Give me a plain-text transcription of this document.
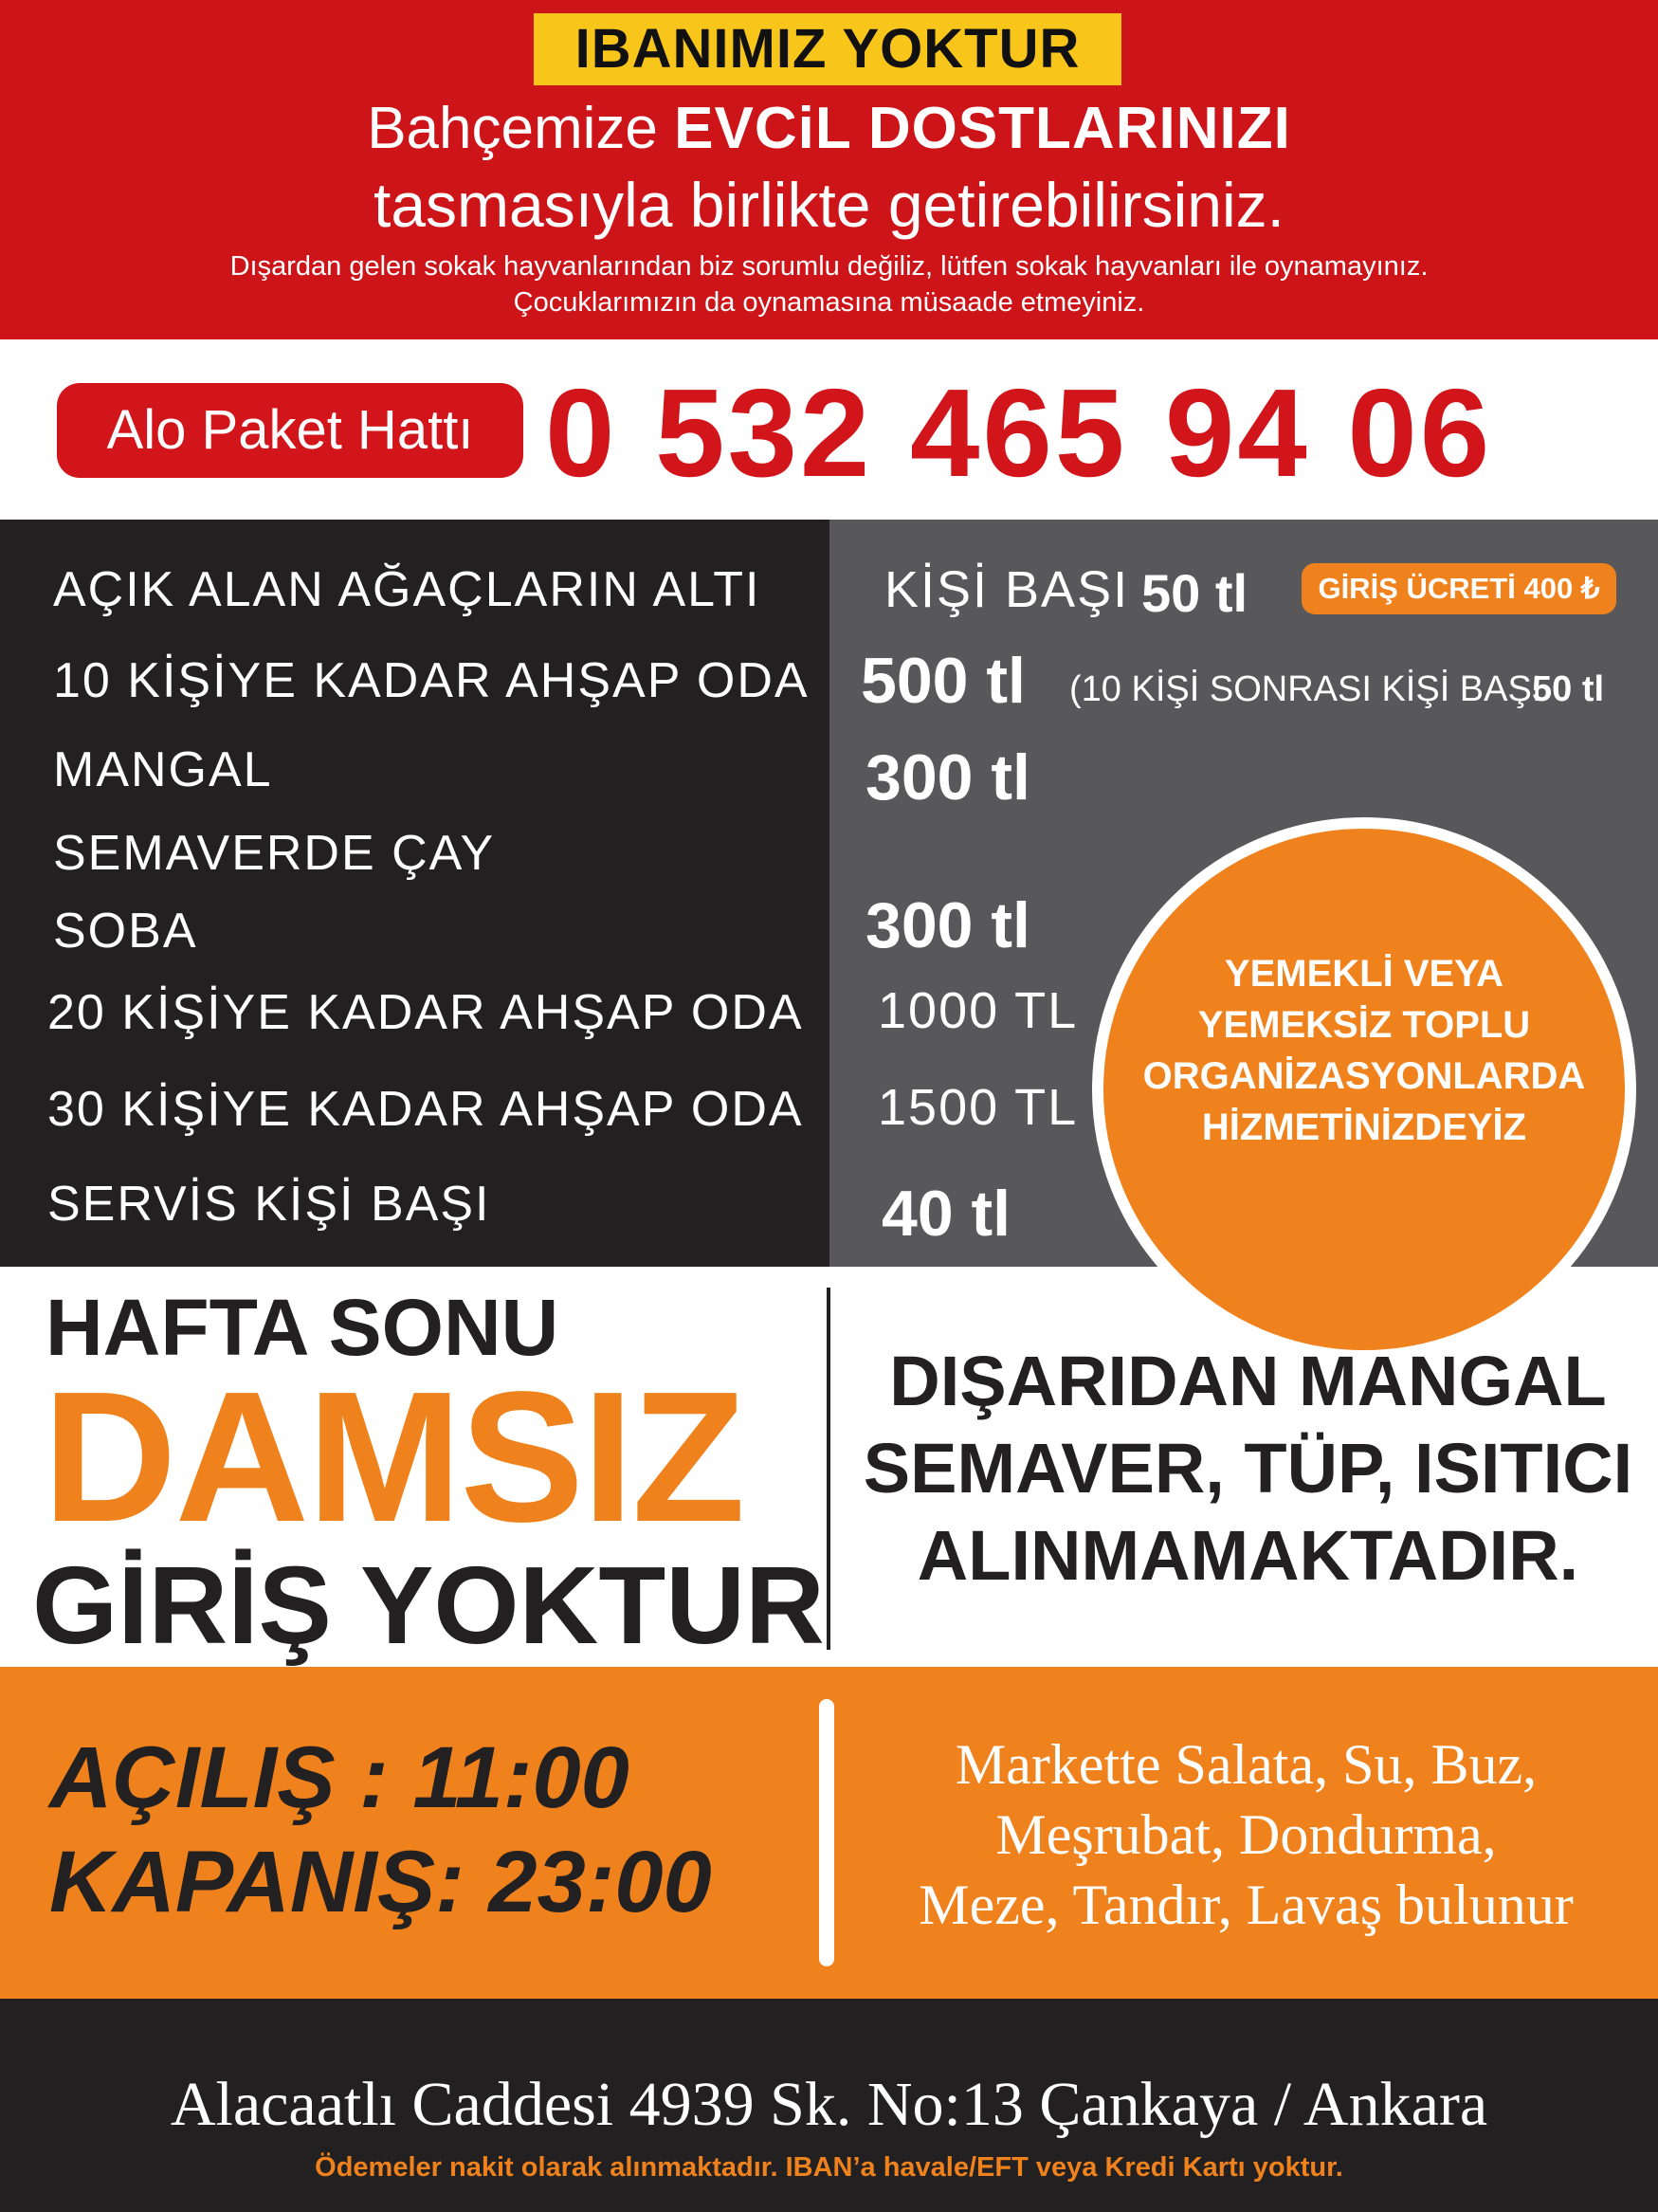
IBANIMIZ YOKTUR
Bahçemize EVCiL DOSTLARINIZI
tasmasıyla birlikte getirebilirsiniz.
Dışardan gelen sokak hayvanlarından biz sorumlu değiliz, lütfen sokak hayvanları ile oynamayınız.
Çocuklarımızın da oynamasına müsaade etmeyiniz.
Alo Paket Hattı 0 532 465 94 06
AÇIK ALAN AĞAÇLARIN ALTI
10 KİŞİYE KADAR AHŞAP ODA
MANGAL
SEMAVERDE ÇAY
SOBA
20 KİŞİYE KADAR AHŞAP ODA
30 KİŞİYE KADAR AHŞAP ODA
SERVİS KİŞİ BAŞI
KİŞİ BAŞI 50 tl	GİRİŞ ÜCRETİ 400 ₺
500 tl (10 KİŞİ SONRASI KİŞİ BAŞI
50 tl
300 tl
300 tl
1000 TL
1500 TL
40 tl
YEMEKLİ VEYA
YEMEKSİZ TOPLU
ORGANİZASYONLARDA
HİZMETİNİZDEYİZ
HAFTA SONU
DAMSIZ
GİRİŞ YOKTUR
DIŞARIDAN MANGAL
SEMAVER, TÜP, ISITICI
ALINMAMAKTADIR.
AÇILIŞ : 11:00
KAPANIŞ: 23:00
Markette Salata, Su, Buz,
Meşrubat, Dondurma,
Meze, Tandır, Lavaş bulunur
Alacaatlı Caddesi 4939 Sk. No:13 Çankaya / Ankara
Ödemeler nakit olarak alınmaktadır. IBAN’a havale/EFT veya Kredi Kartı yoktur.
